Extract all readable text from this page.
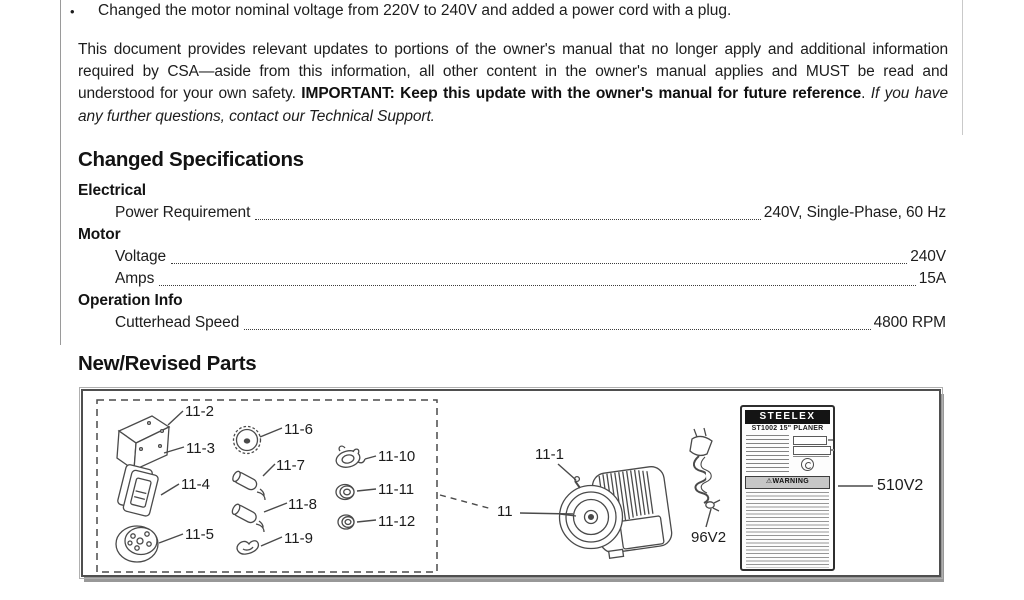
•	Changed the motor nominal voltage from 220V to 240V and added a power cord with a plug.
This document provides relevant updates to portions of the owner's manual that no longer apply and additional information required by CSA—aside from this information, all other content in the owner's manual applies and MUST be read and understood for your own safety. IMPORTANT: Keep this update with the owner's manual for future reference. If you have any further questions, contact our Technical Support.
Changed Specifications
Electrical
Power Requirement	240V, Single-Phase, 60 Hz
Motor
Voltage	240V
Amps	15A
Operation Info
Cutterhead Speed	4800 RPM
New/Revised Parts
11-2
11-3
11-4
11-5
11-6
11-7
11-8
11-9
11-10
11-11
11-12
11-1
11
96V2
510V2
STEELEX
ST1002 15" PLANER
⚠WARNING
